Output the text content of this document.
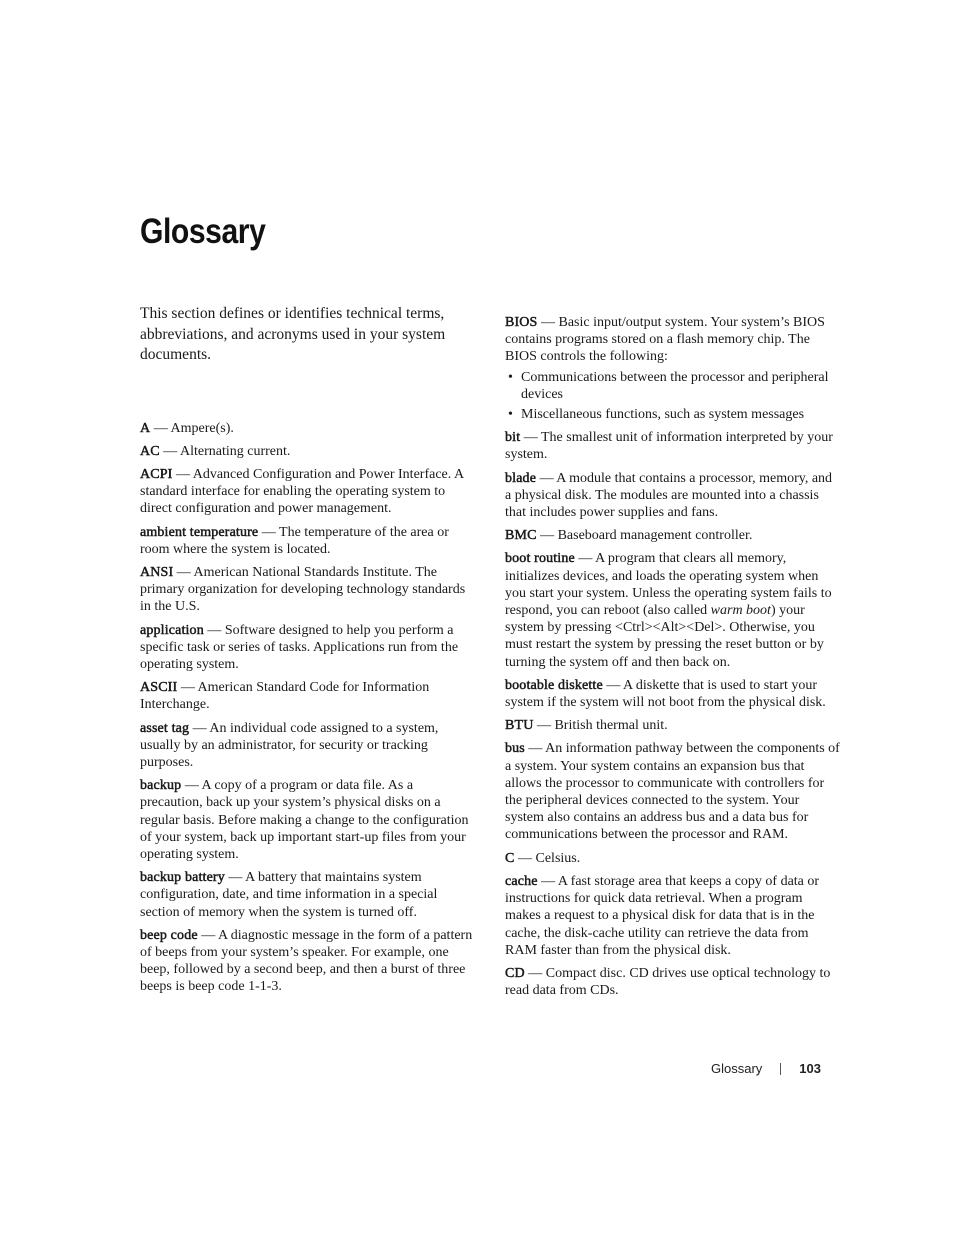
Glossary

This section defines or identifies technical terms, abbreviations, and acronyms used in your system documents.

A — Ampere(s).

AC — Alternating current.

ACPI — Advanced Configuration and Power Interface. A standard interface for enabling the operating system to direct configuration and power management.

ambient temperature — The temperature of the area or room where the system is located.

ANSI — American National Standards Institute. The primary organization for developing technology standards in the U.S.

application — Software designed to help you perform a specific task or series of tasks. Applications run from the operating system.

ASCII — American Standard Code for Information Interchange.

asset tag — An individual code assigned to a system, usually by an administrator, for security or tracking purposes.

backup — A copy of a program or data file. As a precaution, back up your system’s physical disks on a regular basis. Before making a change to the configuration of your system, back up important start-up files from your operating system.

backup battery — A battery that maintains system configuration, date, and time information in a special section of memory when the system is turned off.

beep code — A diagnostic message in the form of a pattern of beeps from your system’s speaker. For example, one beep, followed by a second beep, and then a burst of three beeps is beep code 1-1-3.

BIOS — Basic input/output system. Your system’s BIOS contains programs stored on a flash memory chip. The BIOS controls the following:

• Communications between the processor and peripheral devices
• Miscellaneous functions, such as system messages

bit — The smallest unit of information interpreted by your system.

blade — A module that contains a processor, memory, and a physical disk. The modules are mounted into a chassis that includes power supplies and fans.

BMC — Baseboard management controller.

boot routine — A program that clears all memory, initializes devices, and loads the operating system when you start your system. Unless the operating system fails to respond, you can reboot (also called warm boot) your system by pressing <Ctrl><Alt><Del>. Otherwise, you must restart the system by pressing the reset button or by turning the system off and then back on.

bootable diskette — A diskette that is used to start your system if the system will not boot from the physical disk.

BTU — British thermal unit.

bus — An information pathway between the components of a system. Your system contains an expansion bus that allows the processor to communicate with controllers for the peripheral devices connected to the system. Your system also contains an address bus and a data bus for communications between the processor and RAM.

C — Celsius.

cache — A fast storage area that keeps a copy of data or instructions for quick data retrieval. When a program makes a request to a physical disk for data that is in the cache, the disk-cache utility can retrieve the data from RAM faster than from the physical disk.

CD — Compact disc. CD drives use optical technology to read data from CDs.

Glossary	103
